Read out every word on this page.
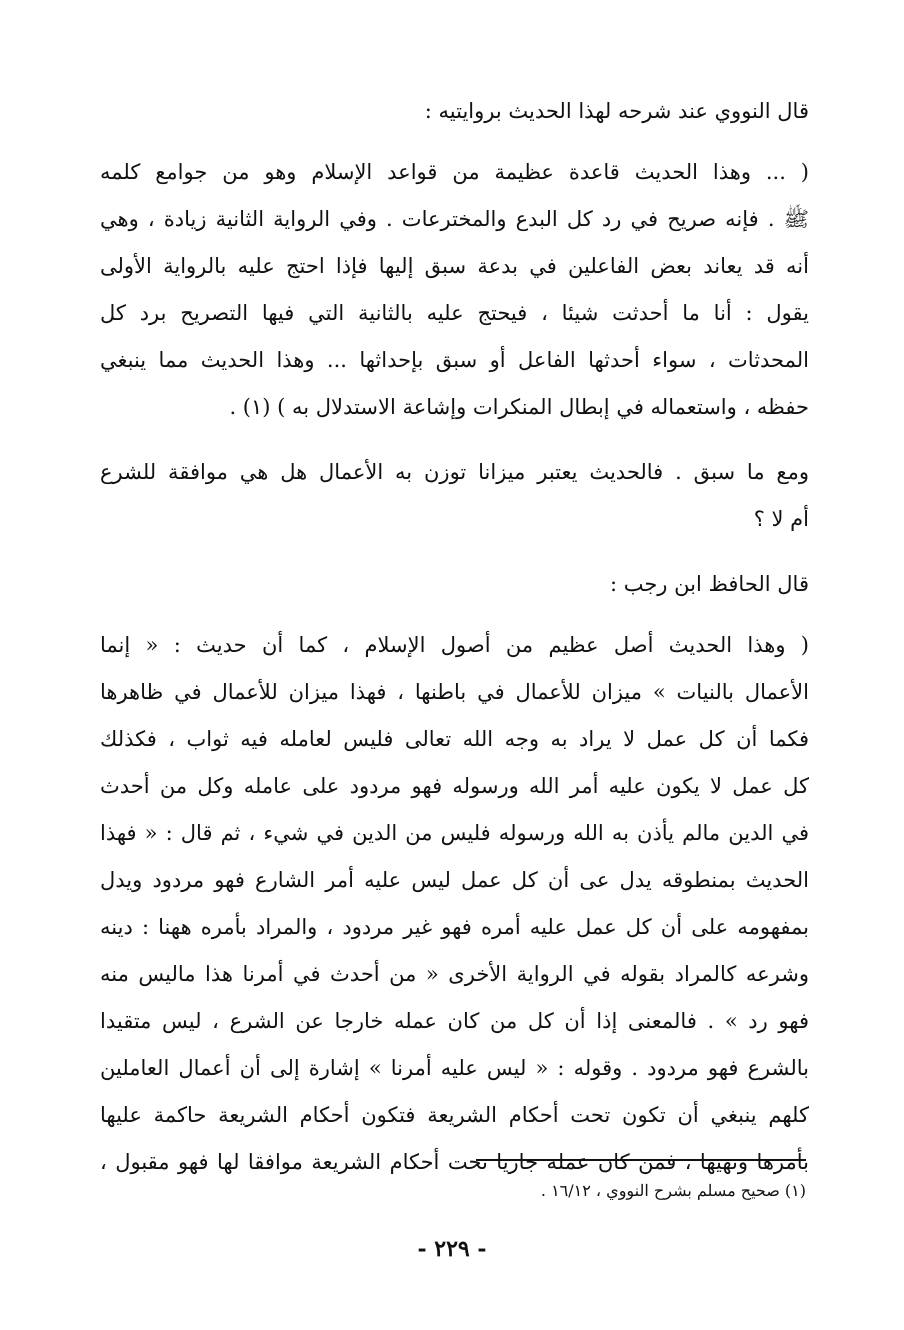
قال النووي عند شرحه لهذا الحديث بروايتيه :
( ... وهذا الحديث قاعدة عظيمة من قواعد الإسلام وهو من جوامع كلمه
ﷺ . فإنه صريح في رد كل البدع والمخترعات . وفي الرواية الثانية زيادة ، وهي
أنه قد يعاند بعض الفاعلين في بدعة سبق إليها فإذا احتج عليه بالرواية الأولى
يقول : أنا ما أحدثت شيئا ، فيحتج عليه بالثانية التي فيها التصريح برد كل
المحدثات ، سواء أحدثها الفاعل أو سبق بإحداثها ... وهذا الحديث مما ينبغي
حفظه ، واستعماله في إبطال المنكرات وإشاعة الاستدلال به ) (١) .
ومع ما سبق . فالحديث يعتبر ميزانا توزن به الأعمال هل هي موافقة للشرع
أم لا ؟
قال الحافظ ابن رجب :
( وهذا الحديث أصل عظيم من أصول الإسلام ، كما أن حديث : « إنما
الأعمال بالنيات » ميزان للأعمال في باطنها ، فهذا ميزان للأعمال في ظاهرها
فكما أن كل عمل لا يراد به وجه الله تعالى فليس لعامله فيه ثواب ، فكذلك
كل عمل لا يكون عليه أمر الله ورسوله فهو مردود على عامله وكل من أحدث
في الدين مالم يأذن به الله ورسوله فليس من الدين في شيء ، ثم قال : « فهذا
الحديث بمنطوقه يدل عى أن كل عمل ليس عليه أمر الشارع فهو مردود ويدل
بمفهومه على أن كل عمل عليه أمره فهو غير مردود ، والمراد بأمره ههنا : دينه
وشرعه كالمراد بقوله في الرواية الأخرى « من أحدث في أمرنا هذا ماليس منه
فهو رد » . فالمعنى إذا أن كل من كان عمله خارجا عن الشرع ، ليس متقيدا
بالشرع فهو مردود . وقوله : « ليس عليه أمرنا » إشارة إلى أن أعمال العاملين
كلهم ينبغي أن تكون تحت أحكام الشريعة فتكون أحكام الشريعة حاكمة عليها
بأمرها ونهيها ، فمن كان عمله جاريا تحت أحكام الشريعة موافقا لها فهو مقبول ،
(١) صحيح مسلم بشرح النووي ، ١٦/١٢ .
- ٢٢٩ -
